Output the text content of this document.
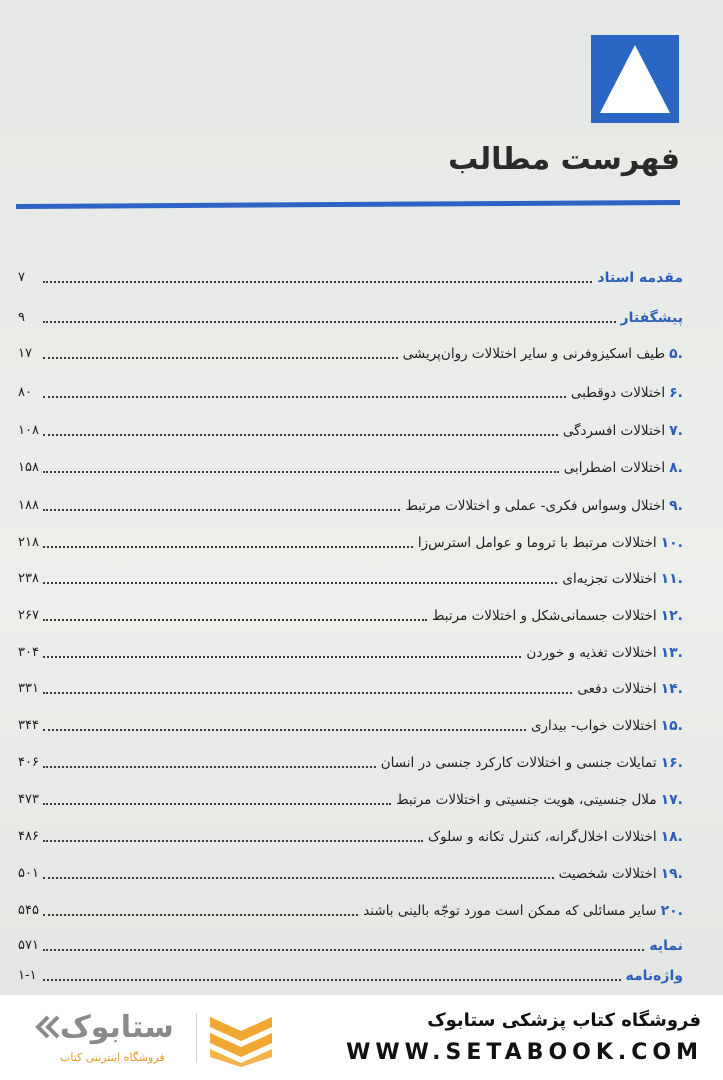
فهرست مطالب
مقدمه استاد
۷
پیشگفتار
۹
.۵طیف اسکیزوفرنی و سایر اختلالات روان‌پریشی
۱۷
.۶اختلالات دوقطبی
۸۰
.۷اختلالات افسردگی
۱۰۸
.۸اختلالات اضطرابی
۱۵۸
.۹اختلال وسواس فکری- عملی و اختلالات مرتبط
۱۸۸
.۱۰اختلالات مرتبط با تروما و عوامل استرس‌زا
۲۱۸
.۱۱اختلالات تجزیه‌ای
۲۳۸
.۱۲اختلالات جسمانی‌شکل و اختلالات مرتبط
۲۶۷
.۱۳اختلالات تغذیه و خوردن
۳۰۴
.۱۴اختلالات دفعی
۳۳۱
.۱۵اختلالات خواب- بیداری
۳۴۴
.۱۶تمایلات جنسی و اختلالات کارکرد جنسی در انسان
۴۰۶
.۱۷ملال جنسیتی، هویت جنسیتی و اختلالات مرتبط
۴۷۳
.۱۸اختلالات اخلال‌گرانه، کنترل تکانه و سلوک
۴۸۶
.۱۹اختلالات شخصیت
۵۰۱
.۲۰سایر مسائلی که ممکن است مورد توجّه بالینی باشند
۵۴۵
نمایه
۵۷۱
واژه‌نامه
۱-۱
فروشگاه کتاب پزشکی ستابوک
WWW.SETABOOK.COM
ستابوک
فروشگاه اینترنتی کتاب
